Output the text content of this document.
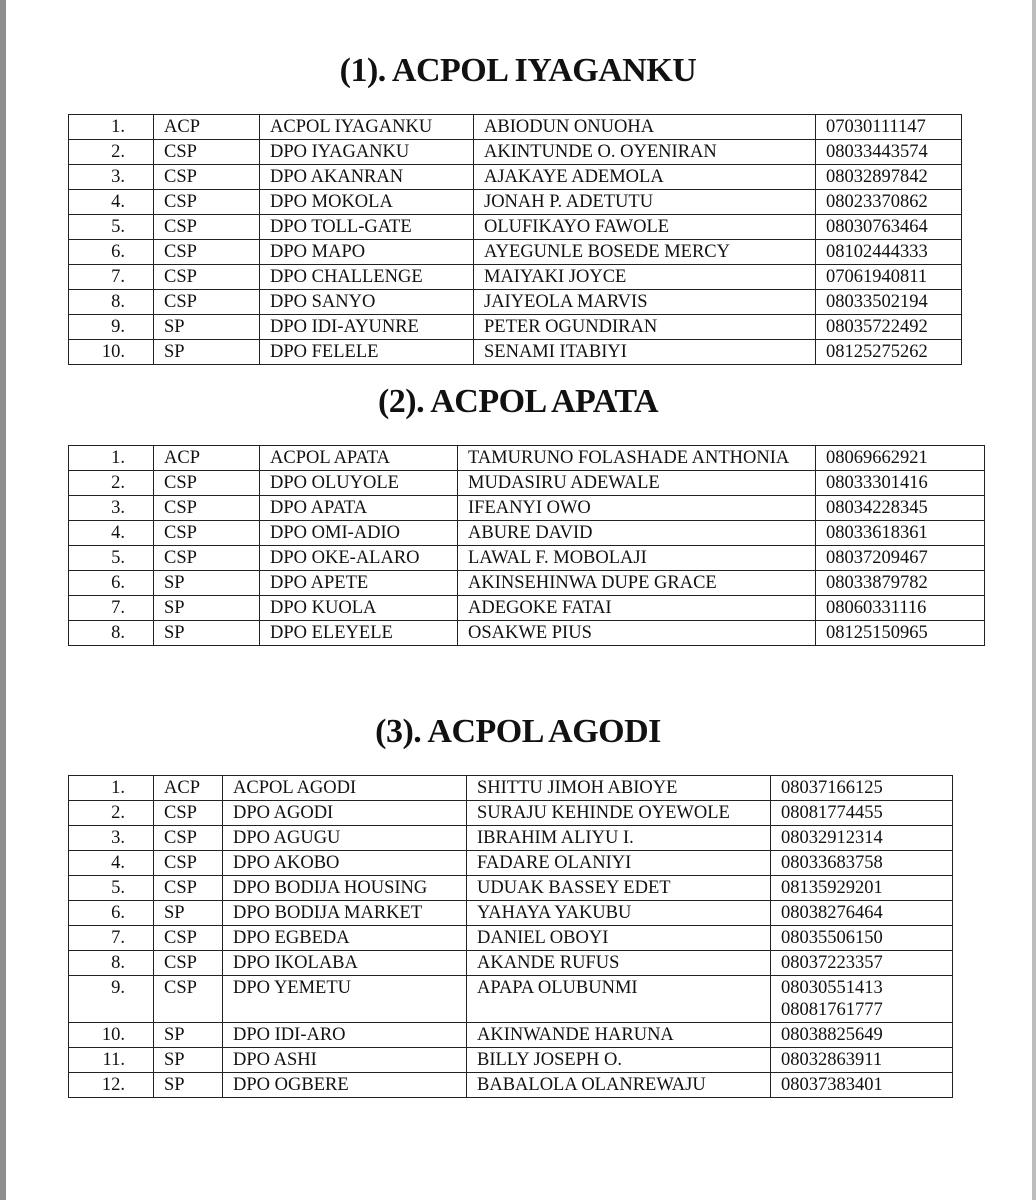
(1). ACPOL IYAGANKU
1.	ACP	ACPOL IYAGANKU	ABIODUN ONUOHA	07030111147
2.	CSP	DPO IYAGANKU	AKINTUNDE O. OYENIRAN	08033443574
3.	CSP	DPO AKANRAN	AJAKAYE ADEMOLA	08032897842
4.	CSP	DPO MOKOLA	JONAH P. ADETUTU	08023370862
5.	CSP	DPO TOLL-GATE	OLUFIKAYO FAWOLE	08030763464
6.	CSP	DPO MAPO	AYEGUNLE BOSEDE MERCY	08102444333
7.	CSP	DPO CHALLENGE	MAIYAKI JOYCE	07061940811
8.	CSP	DPO SANYO	JAIYEOLA MARVIS	08033502194
9.	SP	DPO IDI-AYUNRE	PETER OGUNDIRAN	08035722492
10.	SP	DPO FELELE	SENAMI ITABIYI	08125275262
(2). ACPOL APATA
1.	ACP	ACPOL APATA	TAMURUNO FOLASHADE ANTHONIA	08069662921
2.	CSP	DPO OLUYOLE	MUDASIRU ADEWALE	08033301416
3.	CSP	DPO APATA	IFEANYI OWO	08034228345
4.	CSP	DPO OMI-ADIO	ABURE DAVID	08033618361
5.	CSP	DPO OKE-ALARO	LAWAL F. MOBOLAJI	08037209467
6.	SP	DPO APETE	AKINSEHINWA DUPE GRACE	08033879782
7.	SP	DPO KUOLA	ADEGOKE FATAI	08060331116
8.	SP	DPO ELEYELE	OSAKWE PIUS	08125150965
(3). ACPOL AGODI
1.	ACP	ACPOL AGODI	SHITTU JIMOH ABIOYE	08037166125
2.	CSP	DPO AGODI	SURAJU KEHINDE OYEWOLE	08081774455
3.	CSP	DPO AGUGU	IBRAHIM ALIYU I.	08032912314
4.	CSP	DPO AKOBO	FADARE OLANIYI	08033683758
5.	CSP	DPO BODIJA HOUSING	UDUAK BASSEY EDET	08135929201
6.	SP	DPO BODIJA MARKET	YAHAYA YAKUBU	08038276464
7.	CSP	DPO EGBEDA	DANIEL OBOYI	08035506150
8.	CSP	DPO IKOLABA	AKANDE RUFUS	08037223357
9.	CSP	DPO YEMETU	APAPA OLUBUNMI	08030551413
08081761777

10.	SP	DPO IDI-ARO	AKINWANDE HARUNA	08038825649
11.	SP	DPO ASHI	BILLY JOSEPH O.	08032863911
12.	SP	DPO OGBERE	BABALOLA OLANREWAJU	08037383401
